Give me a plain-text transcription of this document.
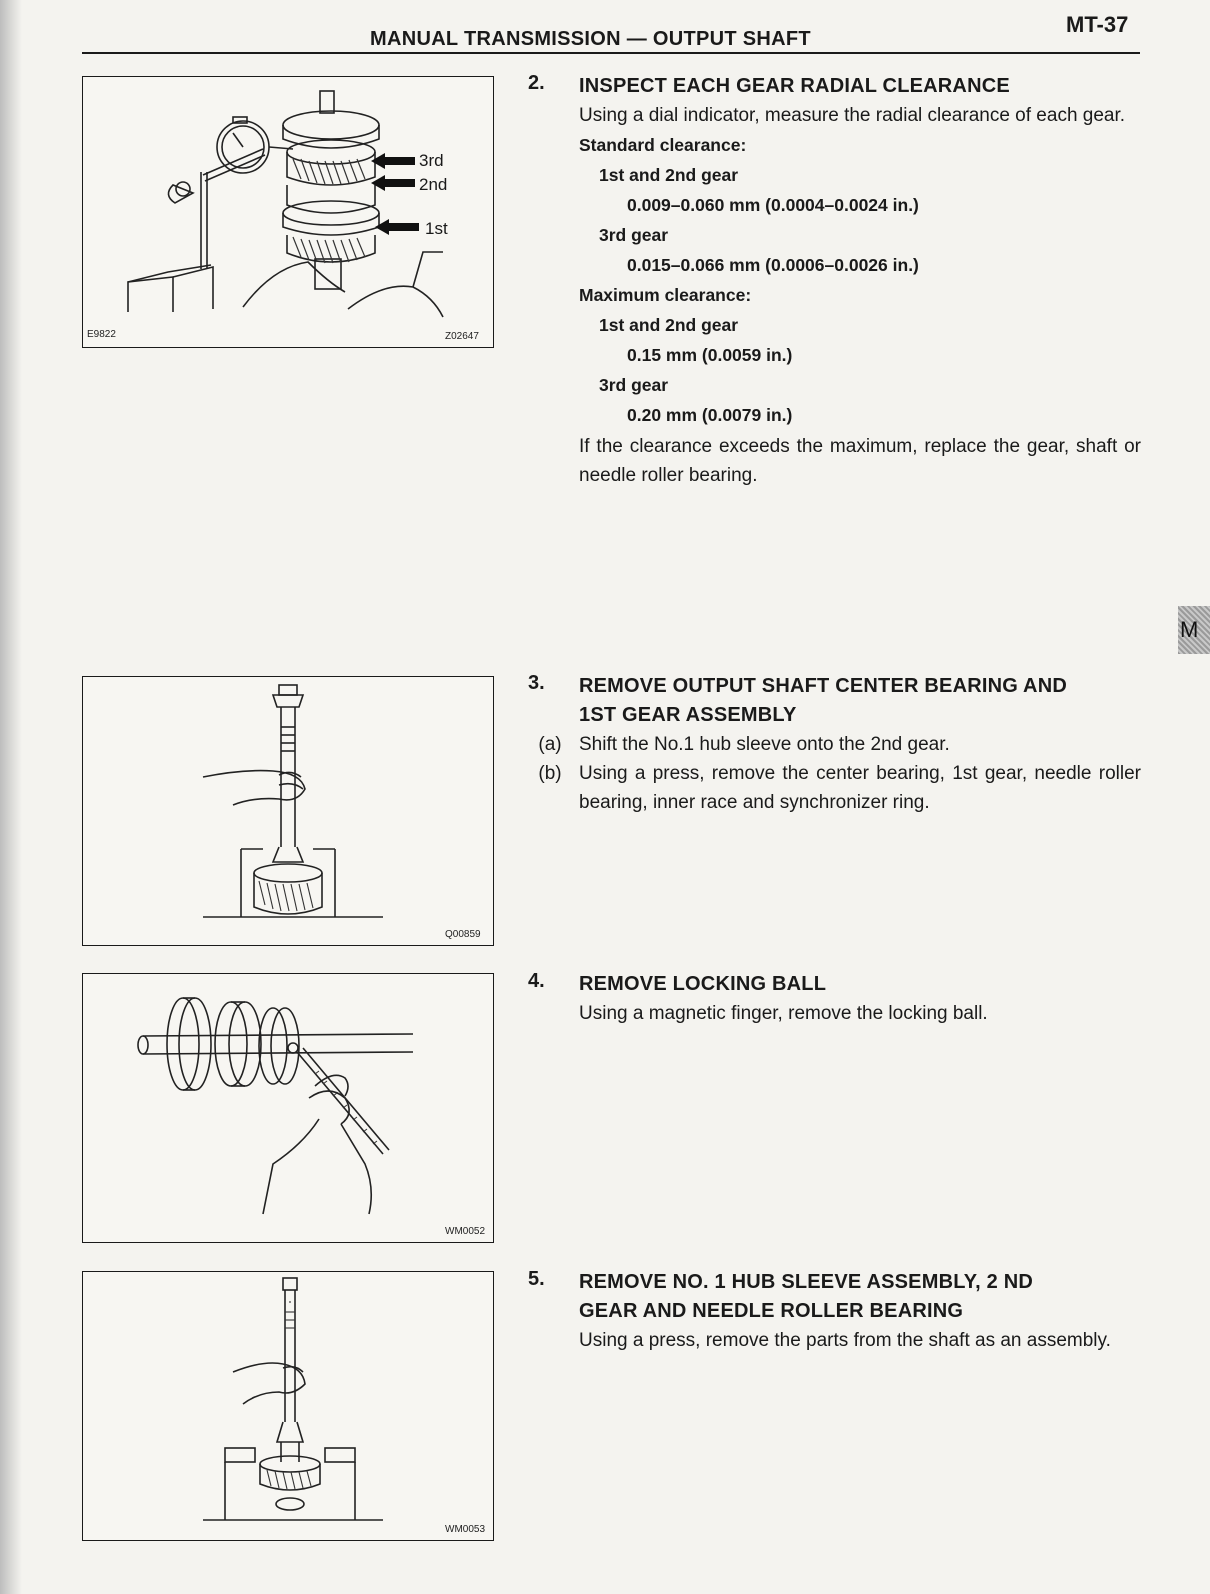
MANUAL TRANSMISSION — OUTPUT SHAFT
MT-37
M
3rd
2nd
1st
E9822	Z02647
2. INSPECT EACH GEAR RADIAL CLEARANCE
Using a dial indicator, measure the radial clearance of each gear.
Standard clearance:
1st and 2nd gear
0.009–0.060 mm (0.0004–0.0024 in.)
3rd gear
0.015–0.066 mm (0.0006–0.0026 in.)
Maximum clearance:
1st and 2nd gear
0.15 mm (0.0059 in.)
3rd gear
0.20 mm (0.0079 in.)
If the clearance exceeds the maximum, replace the gear, shaft or needle roller bearing.
Q00859
3. REMOVE OUTPUT SHAFT CENTER BEARING AND
1ST GEAR ASSEMBLY
(a) Shift the No.1 hub sleeve onto the 2nd gear.
(b) Using a press, remove the center bearing, 1st gear, needle roller bearing, inner race and synchronizer ring.
WM0052
4. REMOVE LOCKING BALL
Using a magnetic finger, remove the locking ball.
WM0053
5. REMOVE NO. 1 HUB SLEEVE ASSEMBLY, 2 ND
GEAR AND NEEDLE ROLLER BEARING
Using a press, remove the parts from the shaft as an assembly.
